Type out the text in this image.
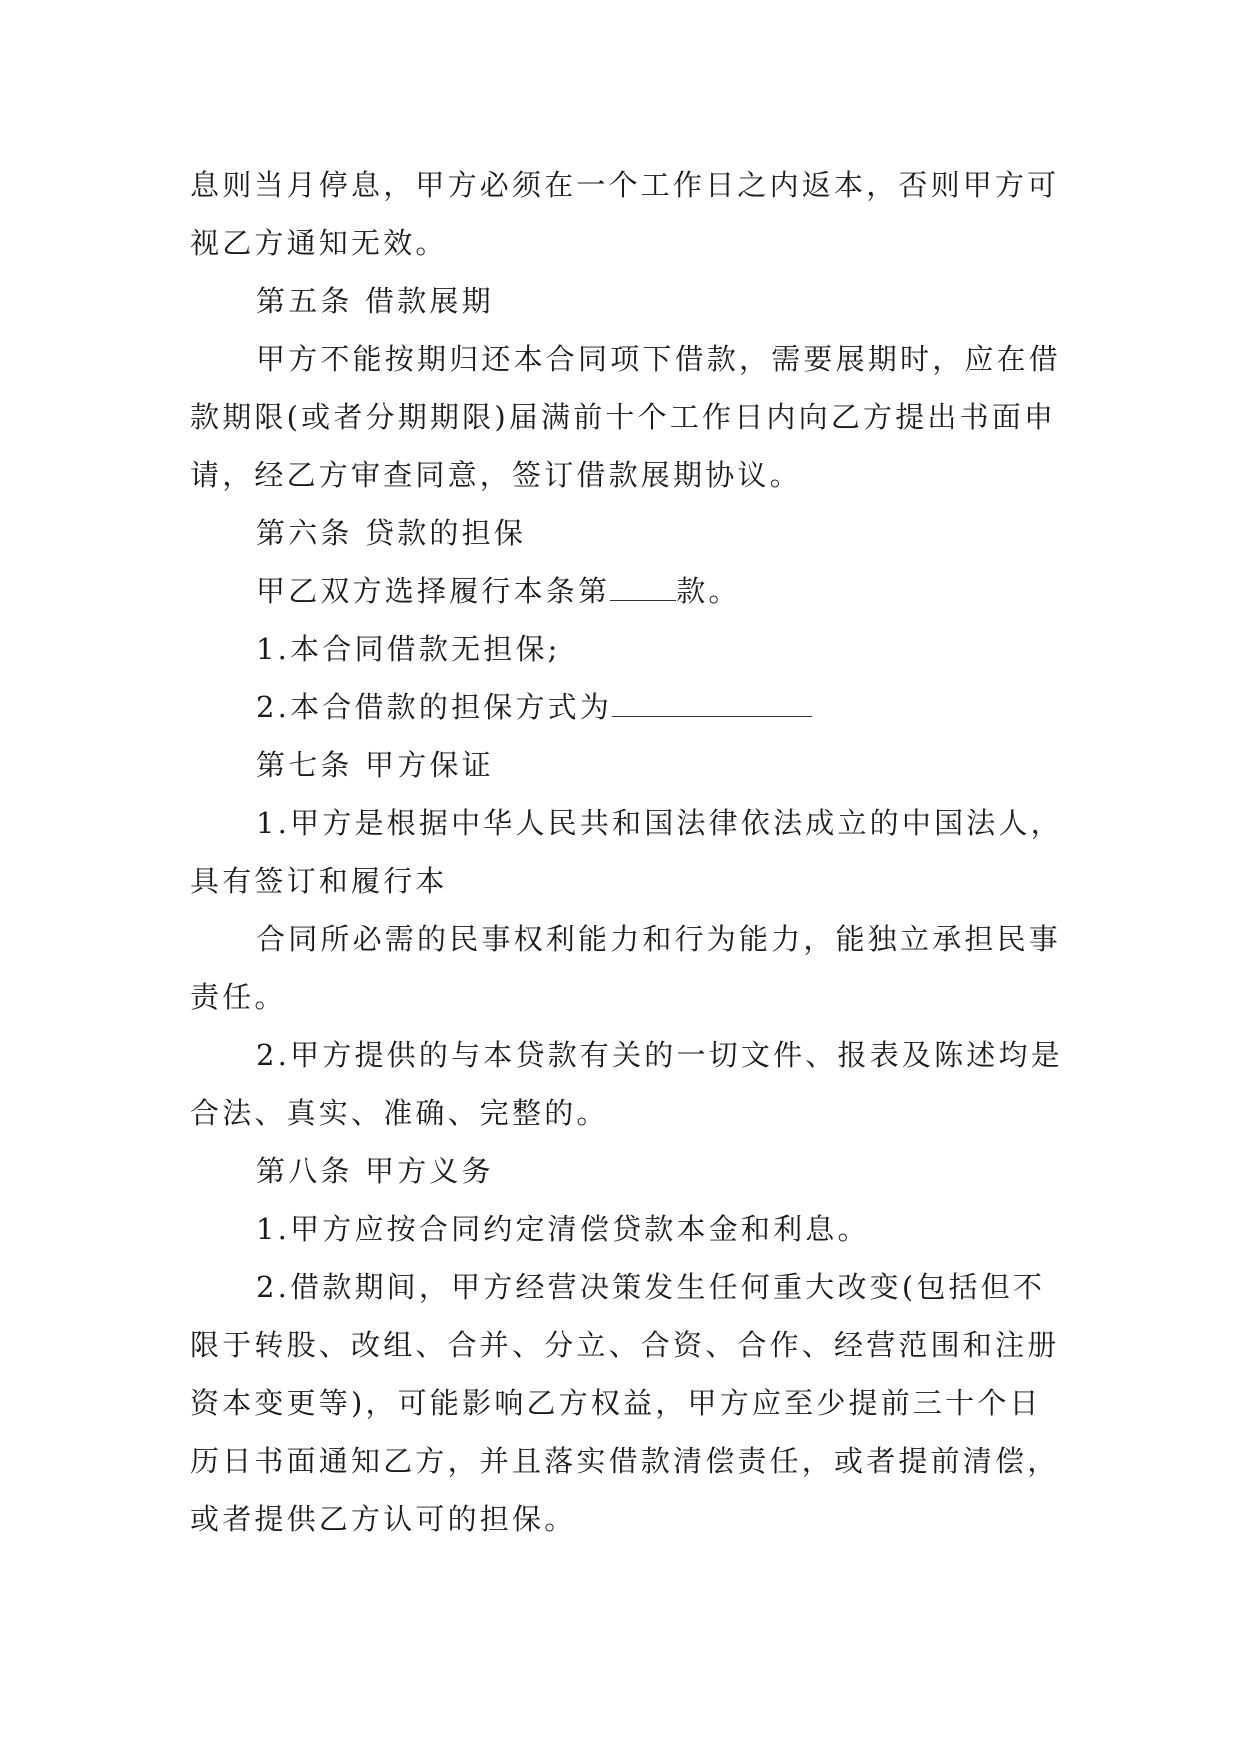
息则当月停息，甲方必须在一个工作日之内返本，否则甲方可视乙方通知无效。

第五条 借款展期

甲方不能按期归还本合同项下借款，需要展期时，应在借款期限(或者分期期限)届满前十个工作日内向乙方提出书面申请，经乙方审查同意，签订借款展期协议。

第六条 贷款的担保

甲乙双方选择履行本条第 款。

1.本合同借款无担保;

2.本合借款的担保方式为

第七条 甲方保证

1.甲方是根据中华人民共和国法律依法成立的中国法人，具有签订和履行本

合同所必需的民事权利能力和行为能力，能独立承担民事责任。

2.甲方提供的与本贷款有关的一切文件、报表及陈述均是合法、真实、准确、完整的。

第八条 甲方义务

1.甲方应按合同约定清偿贷款本金和利息。

2.借款期间，甲方经营决策发生任何重大改变(包括但不限于转股、改组、合并、分立、合资、合作、经营范围和注册资本变更等)，可能影响乙方权益，甲方应至少提前三十个日历日书面通知乙方，并且落实借款清偿责任，或者提前清偿，或者提供乙方认可的担保。
